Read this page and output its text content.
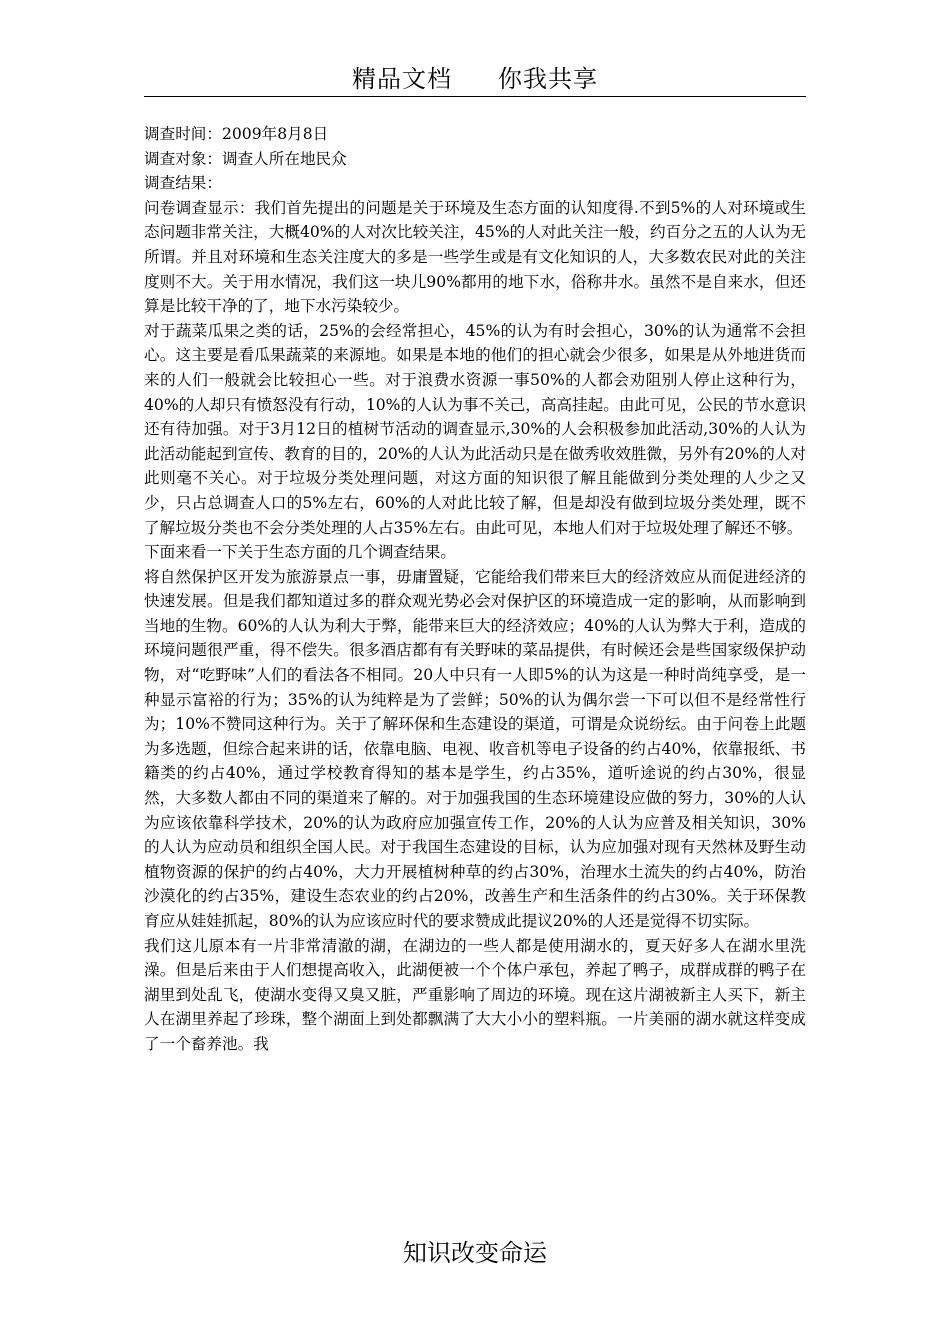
精品文档 你我共享

调查时间：2009年8月8日

调查对象：调查人所在地民众

调查结果：

问卷调查显示：我们首先提出的问题是关于环境及生态方面的认知度得.不到5%的人对环境或生态问题非常关注，大概40%的人对次比较关注，45%的人对此关注一般，约百分之五的人认为无所谓。并且对环境和生态关注度大的多是一些学生或是有文化知识的人，大多数农民对此的关注度则不大。关于用水情况，我们这一块儿90%都用的地下水，俗称井水。虽然不是自来水，但还算是比较干净的了，地下水污染较少。

对于蔬菜瓜果之类的话，25%的会经常担心，45%的认为有时会担心，30%的认为通常不会担心。这主要是看瓜果蔬菜的来源地。如果是本地的他们的担心就会少很多，如果是从外地进货而来的人们一般就会比较担心一些。对于浪费水资源一事50%的人都会劝阻别人停止这种行为，40%的人却只有愤怒没有行动，10%的人认为事不关己，高高挂起。由此可见，公民的节水意识还有待加强。对于3月12日的植树节活动的调查显示,30%的人会积极参加此活动,30%的人认为此活动能起到宣传、教育的目的，20%的人认为此活动只是在做秀收效胜微，另外有20%的人对此则毫不关心。对于垃圾分类处理问题，对这方面的知识很了解且能做到分类处理的人少之又少，只占总调查人口的5%左右，60%的人对此比较了解，但是却没有做到垃圾分类处理，既不了解垃圾分类也不会分类处理的人占35%左右。由此可见，本地人们对于垃圾处理了解还不够。

下面来看一下关于生态方面的几个调查结果。

将自然保护区开发为旅游景点一事，毋庸置疑，它能给我们带来巨大的经济效应从而促进经济的快速发展。但是我们都知道过多的群众观光势必会对保护区的环境造成一定的影响，从而影响到当地的生物。60%的人认为利大于弊，能带来巨大的经济效应；40%的人认为弊大于利，造成的环境问题很严重，得不偿失。很多酒店都有有关野味的菜品提供，有时候还会是些国家级保护动物，对“吃野味”人们的看法各不相同。20人中只有一人即5%的认为这是一种时尚纯享受，是一种显示富裕的行为；35%的认为纯粹是为了尝鲜；50%的认为偶尔尝一下可以但不是经常性行为；10%不赞同这种行为。关于了解环保和生态建设的渠道，可谓是众说纷纭。由于问卷上此题为多选题，但综合起来讲的话，依靠电脑、电视、收音机等电子设备的约占40%，依靠报纸、书籍类的约占40%，通过学校教育得知的基本是学生，约占35%，道听途说的约占30%，很显然，大多数人都由不同的渠道来了解的。对于加强我国的生态环境建设应做的努力，30%的人认为应该依靠科学技术，20%的认为政府应加强宣传工作，20%的人认为应普及相关知识，30%的人认为应动员和组织全国人民。对于我国生态建设的目标，认为应加强对现有天然林及野生动植物资源的保护的约占40%，大力开展植树种草的约占30%，治理水土流失的约占40%，防治沙漠化的约占35%，建设生态农业的约占20%，改善生产和生活条件的约占30%。关于环保教育应从娃娃抓起，80%的认为应该应时代的要求赞成此提议20%的人还是觉得不切实际。

我们这儿原本有一片非常清澈的湖，在湖边的一些人都是使用湖水的，夏天好多人在湖水里洗澡。但是后来由于人们想提高收入，此湖便被一个个体户承包，养起了鸭子，成群成群的鸭子在湖里到处乱飞，使湖水变得又臭又脏，严重影响了周边的环境。现在这片湖被新主人买下，新主人在湖里养起了珍珠，整个湖面上到处都飘满了大大小小的塑料瓶。一片美丽的湖水就这样变成了一个畜养池。我

知识改变命运
